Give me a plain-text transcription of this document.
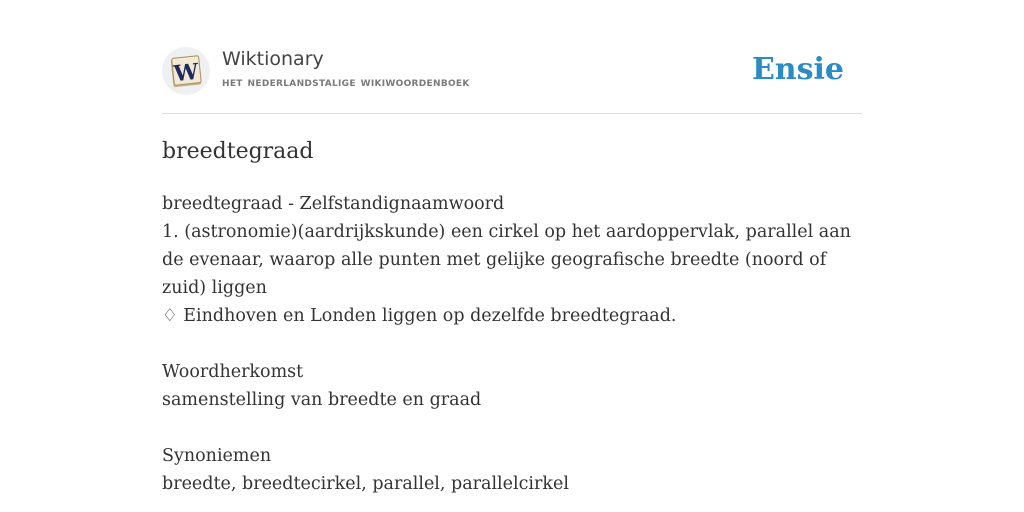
W Wiktionary
het nederlandstalige wikiwoordenboek	Ensie
breedtegraad
breedtegraad - Zelfstandignaamwoord
1. (astronomie)(aardrijkskunde) een cirkel op het aardoppervlak, parallel aan de evenaar, waarop alle punten met gelijke geografische breedte (noord of zuid) liggen
♢ Eindhoven en Londen liggen op dezelfde breedtegraad.
Woordherkomst
samenstelling van breedte en graad
Synoniemen
breedte, breedtecirkel, parallel, parallelcirkel
